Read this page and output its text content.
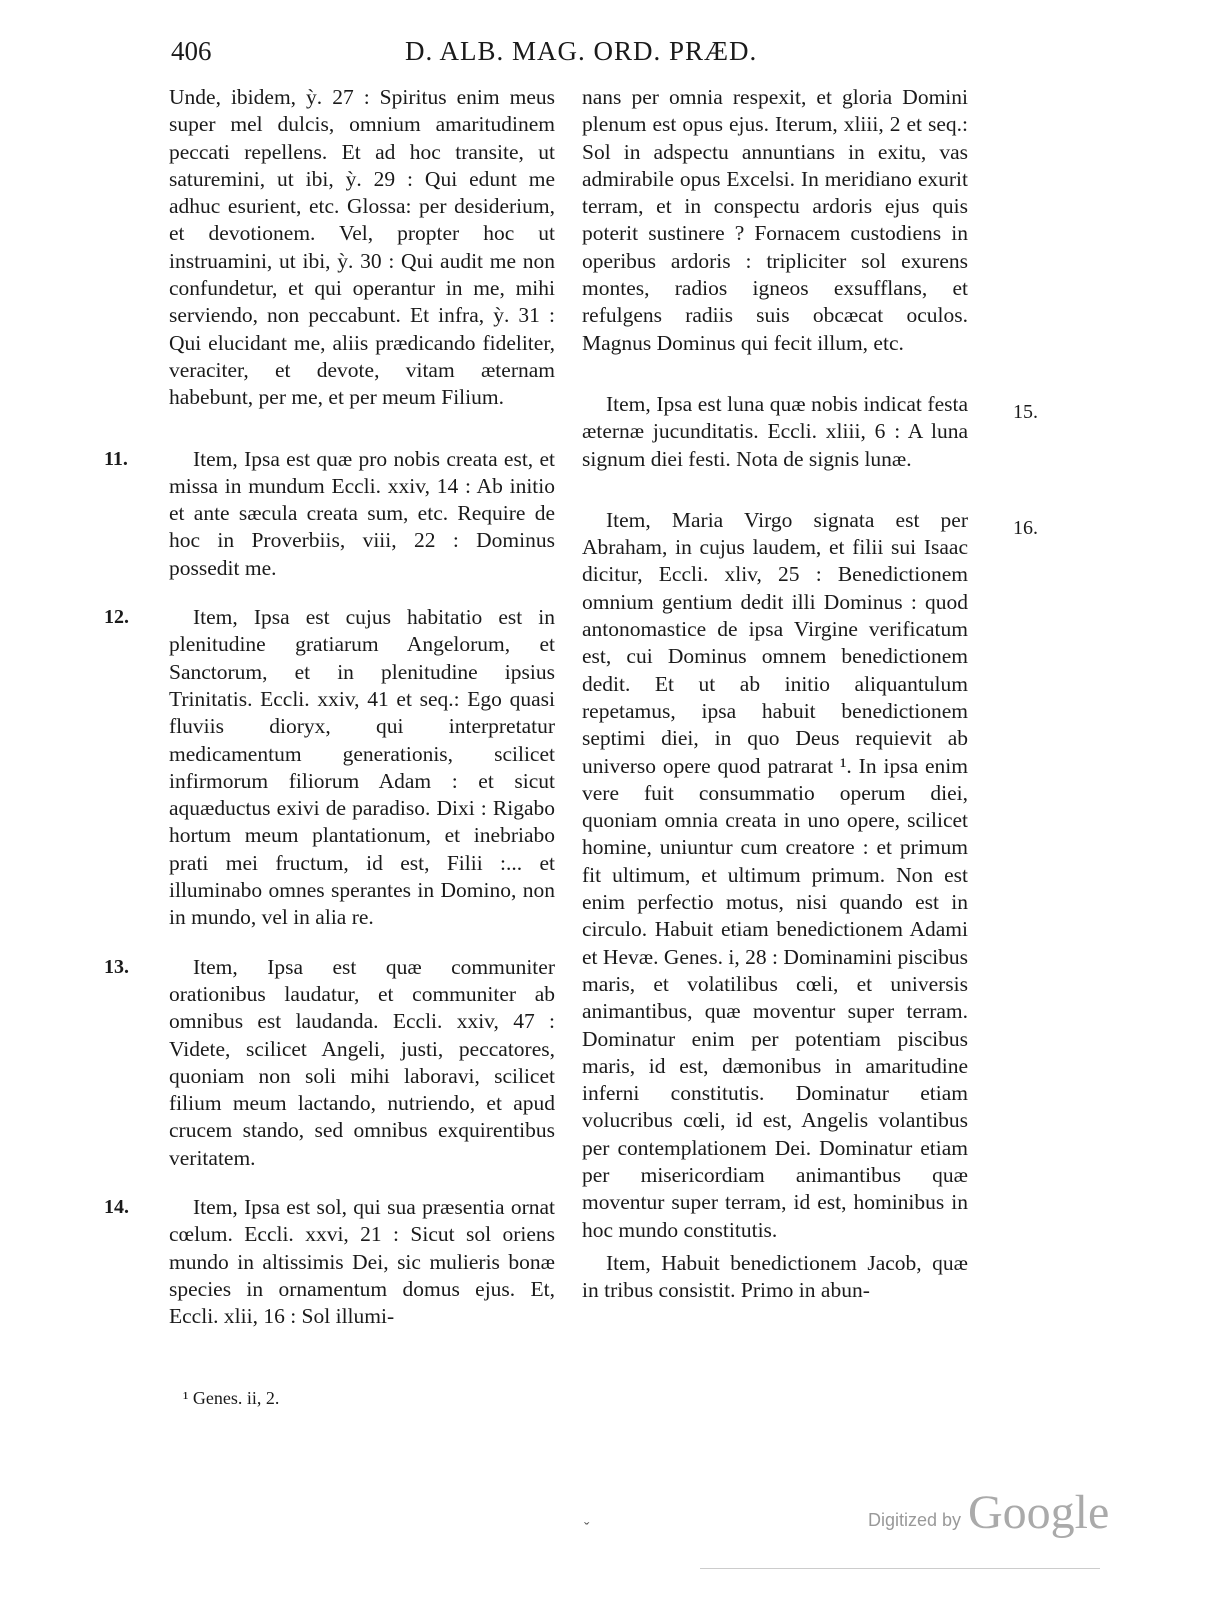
406	D. ALB. MAG. ORD. PRÆD.

Unde, ibidem, ỳ. 27 : Spiritus enim meus super mel dulcis, omnium amaritudinem peccati repellens. Et ad hoc transite, ut saturemini, ut ibi, ỳ. 29 : Qui edunt me adhuc esurient, etc. Glossa: per desiderium, et devotionem. Vel, propter hoc ut instruamini, ut ibi, ỳ. 30 : Qui audit me non confundetur, et qui operantur in me, mihi serviendo, non peccabunt. Et infra, ỳ. 31 : Qui elucidant me, aliis prædicando fideliter, veraciter, et devote, vitam æternam habebunt, per me, et per meum Filium.

11.	Item, Ipsa est quæ pro nobis creata est, et missa in mundum Eccli. xxiv, 14 : Ab initio et ante sæcula creata sum, etc. Require de hoc in Proverbiis, viii, 22 : Dominus possedit me.

12.	Item, Ipsa est cujus habitatio est in plenitudine gratiarum Angelorum, et Sanctorum, et in plenitudine ipsius Trinitatis. Eccli. xxiv, 41 et seq.: Ego quasi fluviis dioryx, qui interpretatur medicamentum generationis, scilicet infirmorum filiorum Adam : et sicut aquæductus exivi de paradiso. Dixi : Rigabo hortum meum plantationum, et inebriabo prati mei fructum, id est, Filii :... et illuminabo omnes sperantes in Domino, non in mundo, vel in alia re.

13.	Item, Ipsa est quæ communiter orationibus laudatur, et communiter ab omnibus est laudanda. Eccli. xxiv, 47 : Videte, scilicet Angeli, justi, peccatores, quoniam non soli mihi laboravi, scilicet filium meum lactando, nutriendo, et apud crucem stando, sed omnibus exquirentibus veritatem.

14.	Item, Ipsa est sol, qui sua præsentia ornat cœlum. Eccli. xxvi, 21 : Sicut sol oriens mundo in altissimis Dei, sic mulieris bonæ species in ornamentum domus ejus. Et, Eccli. xlii, 16 : Sol illumi-

nans per omnia respexit, et gloria Domini plenum est opus ejus. Iterum, xliii, 2 et seq.: Sol in adspectu annuntians in exitu, vas admirabile opus Excelsi. In meridiano exurit terram, et in conspectu ardoris ejus quis poterit sustinere ? Fornacem custodiens in operibus ardoris : tripliciter sol exurens montes, radios igneos exsufflans, et refulgens radiis suis obcæcat oculos. Magnus Dominus qui fecit illum, etc.

15.
Item, Ipsa est luna quæ nobis indicat festa æternæ jucunditatis. Eccli. xliii, 6 : A luna signum diei festi. Nota de signis lunæ.

16.
Item, Maria Virgo signata est per Abraham, in cujus laudem, et filii sui Isaac dicitur, Eccli. xliv, 25 : Benedictionem omnium gentium dedit illi Dominus : quod antonomastice de ipsa Virgine verificatum est, cui Dominus omnem benedictionem dedit. Et ut ab initio aliquantulum repetamus, ipsa habuit benedictionem septimi diei, in quo Deus requievit ab universo opere quod patrarat ¹. In ipsa enim vere fuit consummatio operum diei, quoniam omnia creata in uno opere, scilicet homine, uniuntur cum creatore : et primum fit ultimum, et ultimum primum. Non est enim perfectio motus, nisi quando est in circulo. Habuit etiam benedictionem Adami et Hevæ. Genes. i, 28 : Dominamini piscibus maris, et volatilibus cœli, et universis animantibus, quæ moventur super terram. Dominatur enim per potentiam piscibus maris, id est, dæmonibus in amaritudine inferni constitutis. Dominatur etiam volucribus cœli, id est, Angelis volantibus per contemplationem Dei. Dominatur etiam per misericordiam animantibus quæ moventur super terram, id est, hominibus in hoc mundo constitutis.

Item, Habuit benedictionem Jacob, quæ in tribus consistit. Primo in abun-

¹ Genes. ii, 2.
ˇ	Digitized by Google
